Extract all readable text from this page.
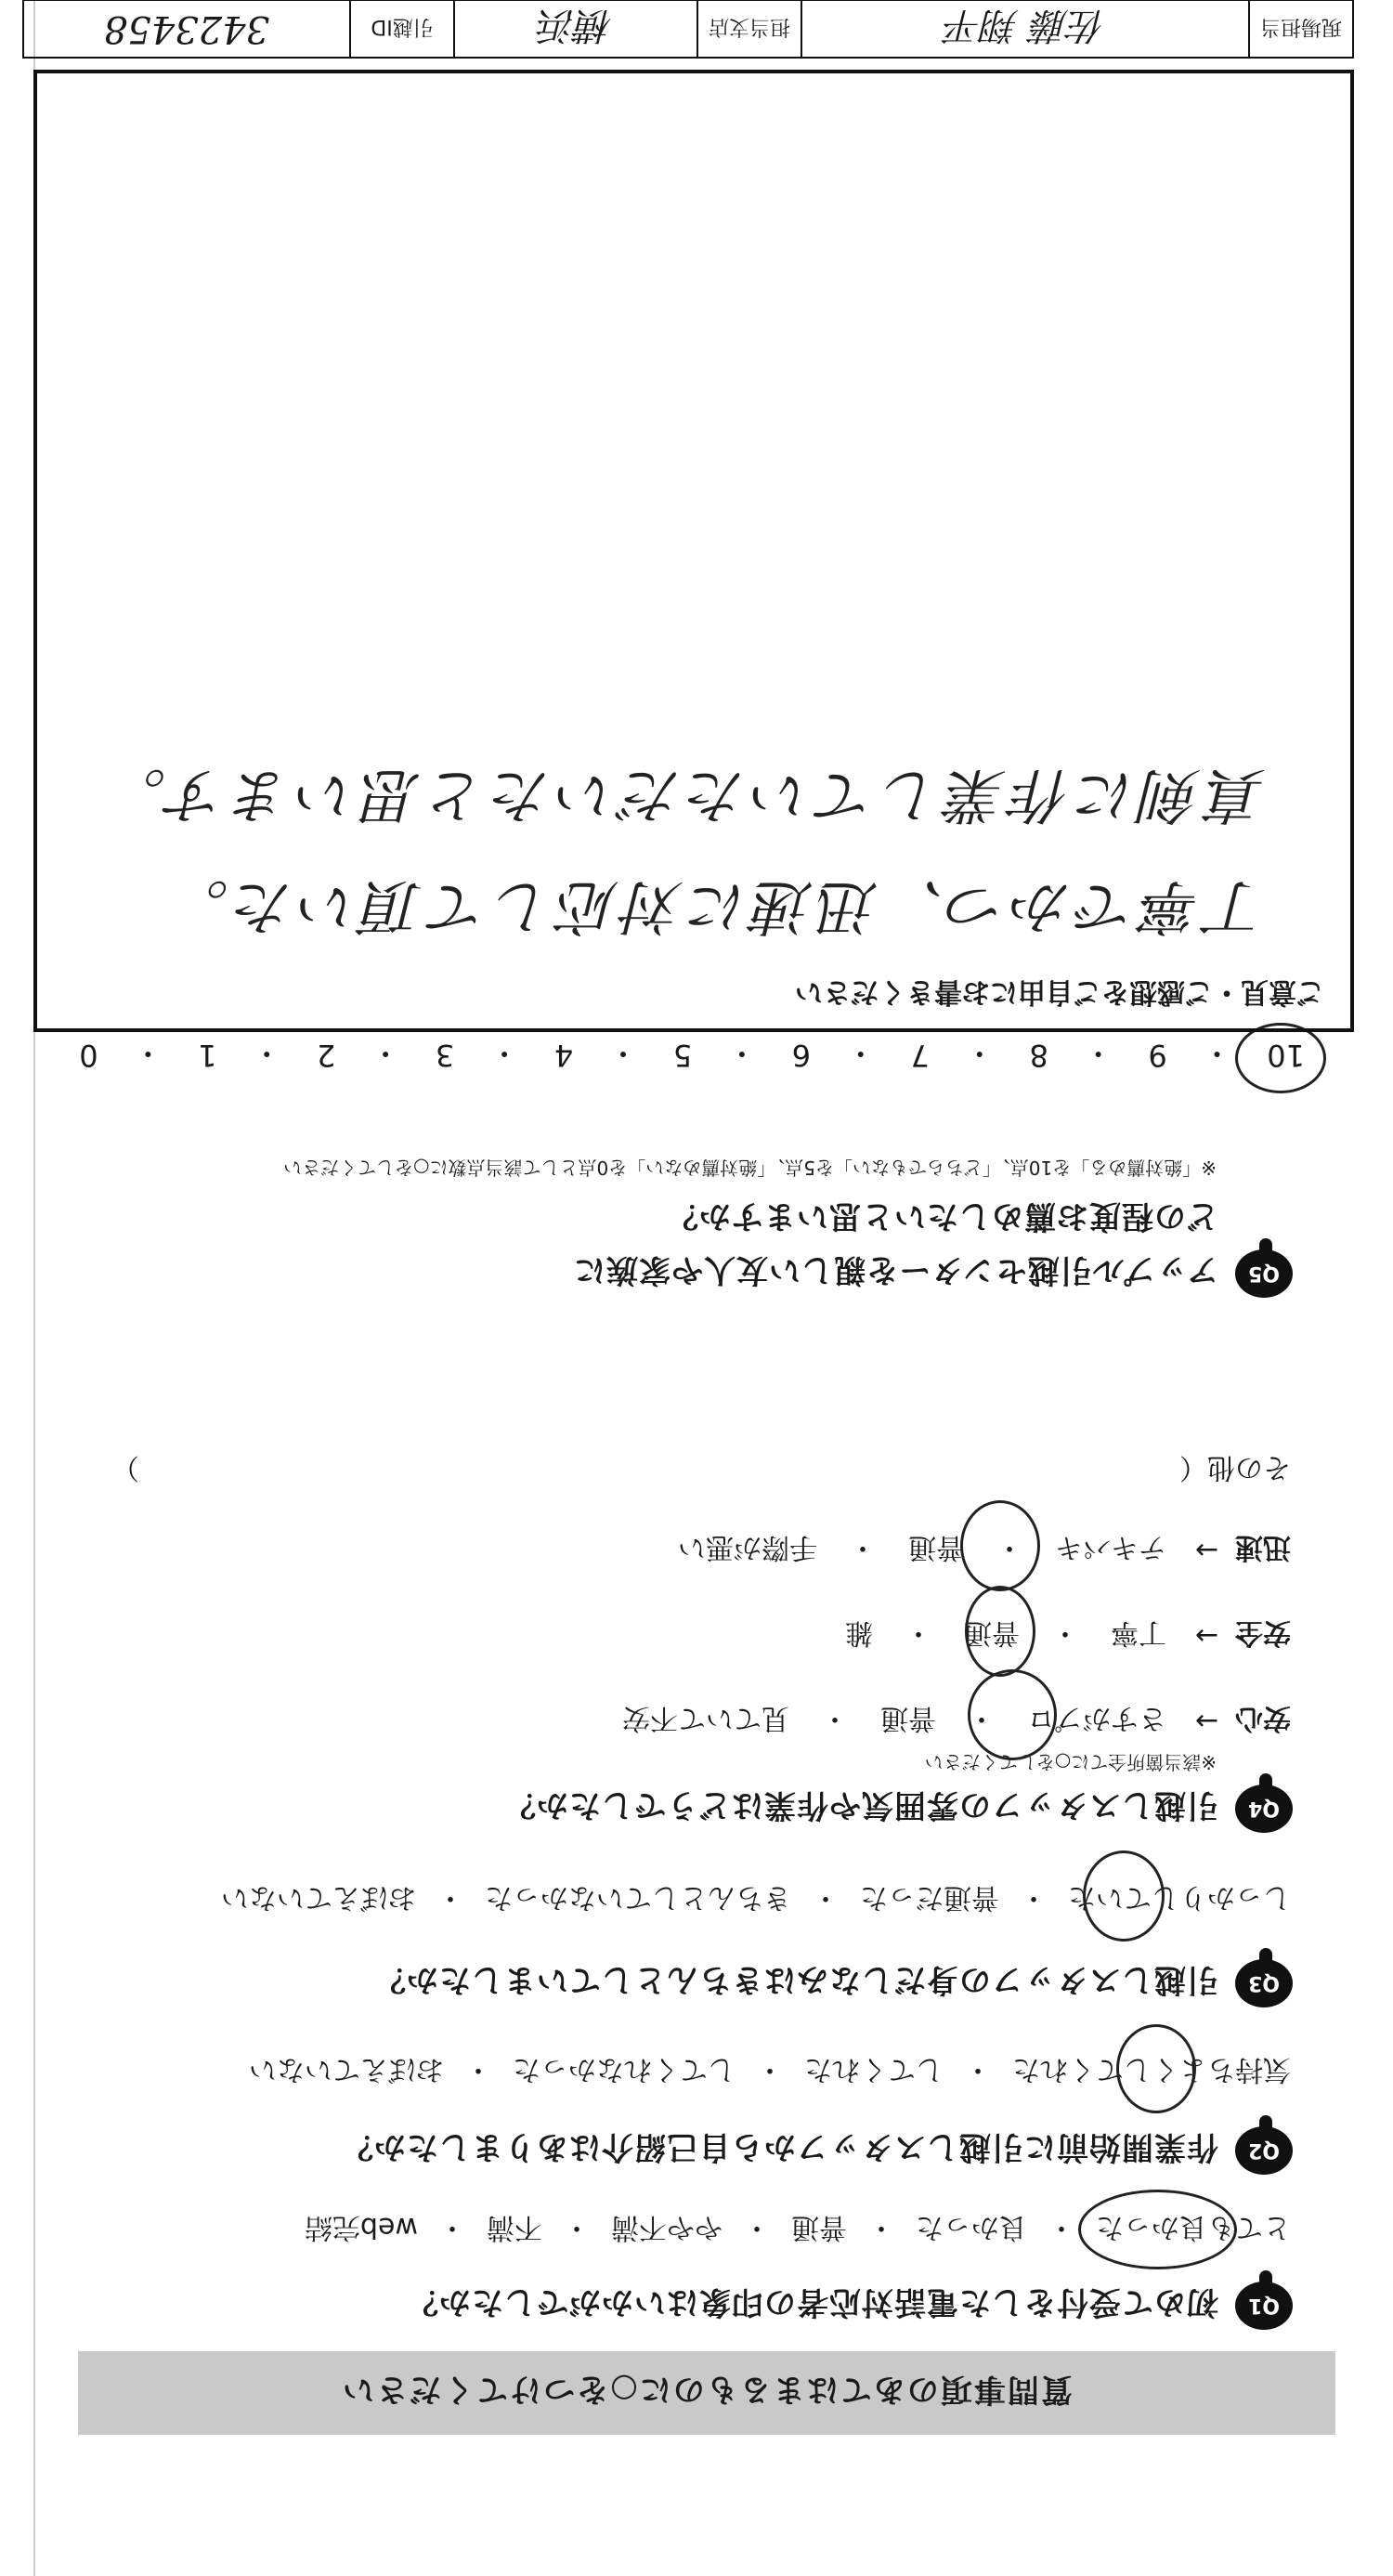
質問事項のあてはまるものに○をつけてください
Q1
初めて受付をした電話対応者の印象はいかがでしたか？
とても良かった
・
良かった
・
普通
・
やや不満
・
不満
・
web完結
Q2
作業開始前に引越しスタッフから自己紹介はありましたか？
気持ちよくしてくれた
・
してくれた
・
してくれなかった
・
おぼえていない
Q3
引越しスタッフの身だしなみはきちんとしていましたか？
しっかりしていた
・
普通だった
・
きちんとしていなかった
・
おぼえていない
Q4
引越しスタッフの雰囲気や作業はどうでしたか？
※該当箇所全てに○をしてください
安心
→
さすがプロ
・
普通
・
見ていて不安
安全
→
丁寧
・
普通
・
雑
迅速
→
テキパキ
・
普通
・
手際が悪い
その他（
）
Q5
アップル引越センターを親しい友人や家族に
どの程度お薦めしたいと思いますか？
※「絶対薦める」を10点、「どちらでもない」を5点、「絶対薦めない」を0点として該当点数に○をしてください
10
・
9
・
8
・
7
・
6
・
5
・
4
・
3
・
2
・
1
・
0
ご意見・ご感想をご自由にお書きください
丁寧でかつ、迅速に対応して頂いた。
真剣に作業していただいたと思います。
現場担当
佐藤 翔平
担当支店
横浜
引越ID
3423458
